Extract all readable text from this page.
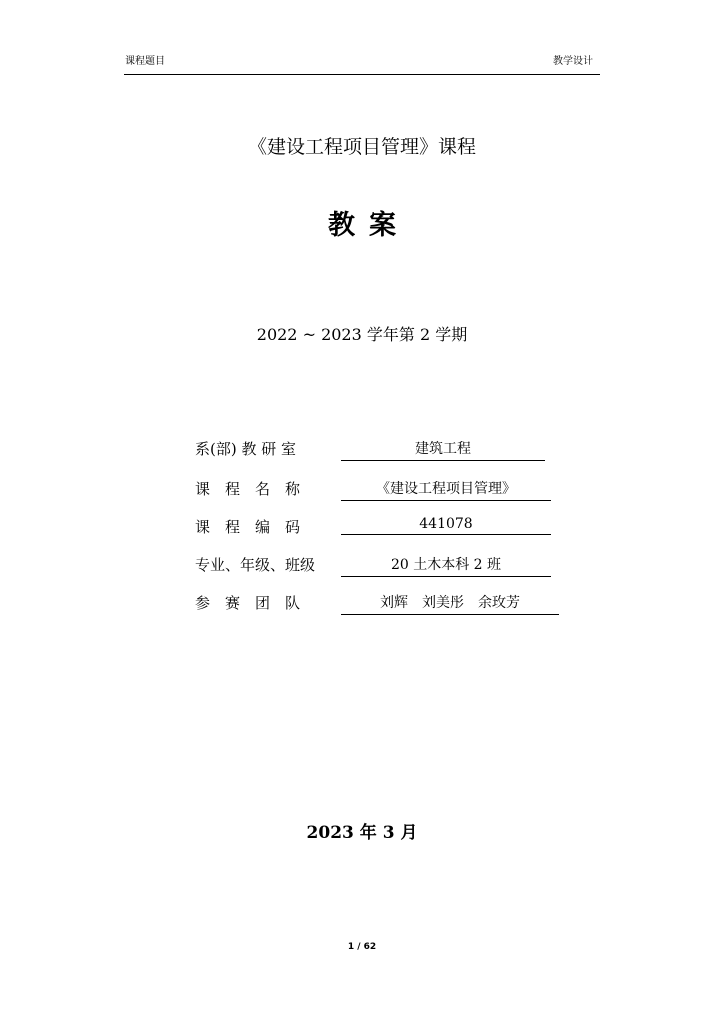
课程题目	教学设计
《建设工程项目管理》课程
教案
2022 ~ 2023 学年第 2 学期
系(部) 教 研 室	建筑工程
课　程　名　称	《建设工程项目管理》
课　程　编　码	441078
专业、年级、班级	20 土木本科 2 班
参　赛　团　队	刘辉　刘美彤　余玫芳
2023 年 3 月
1 / 62
